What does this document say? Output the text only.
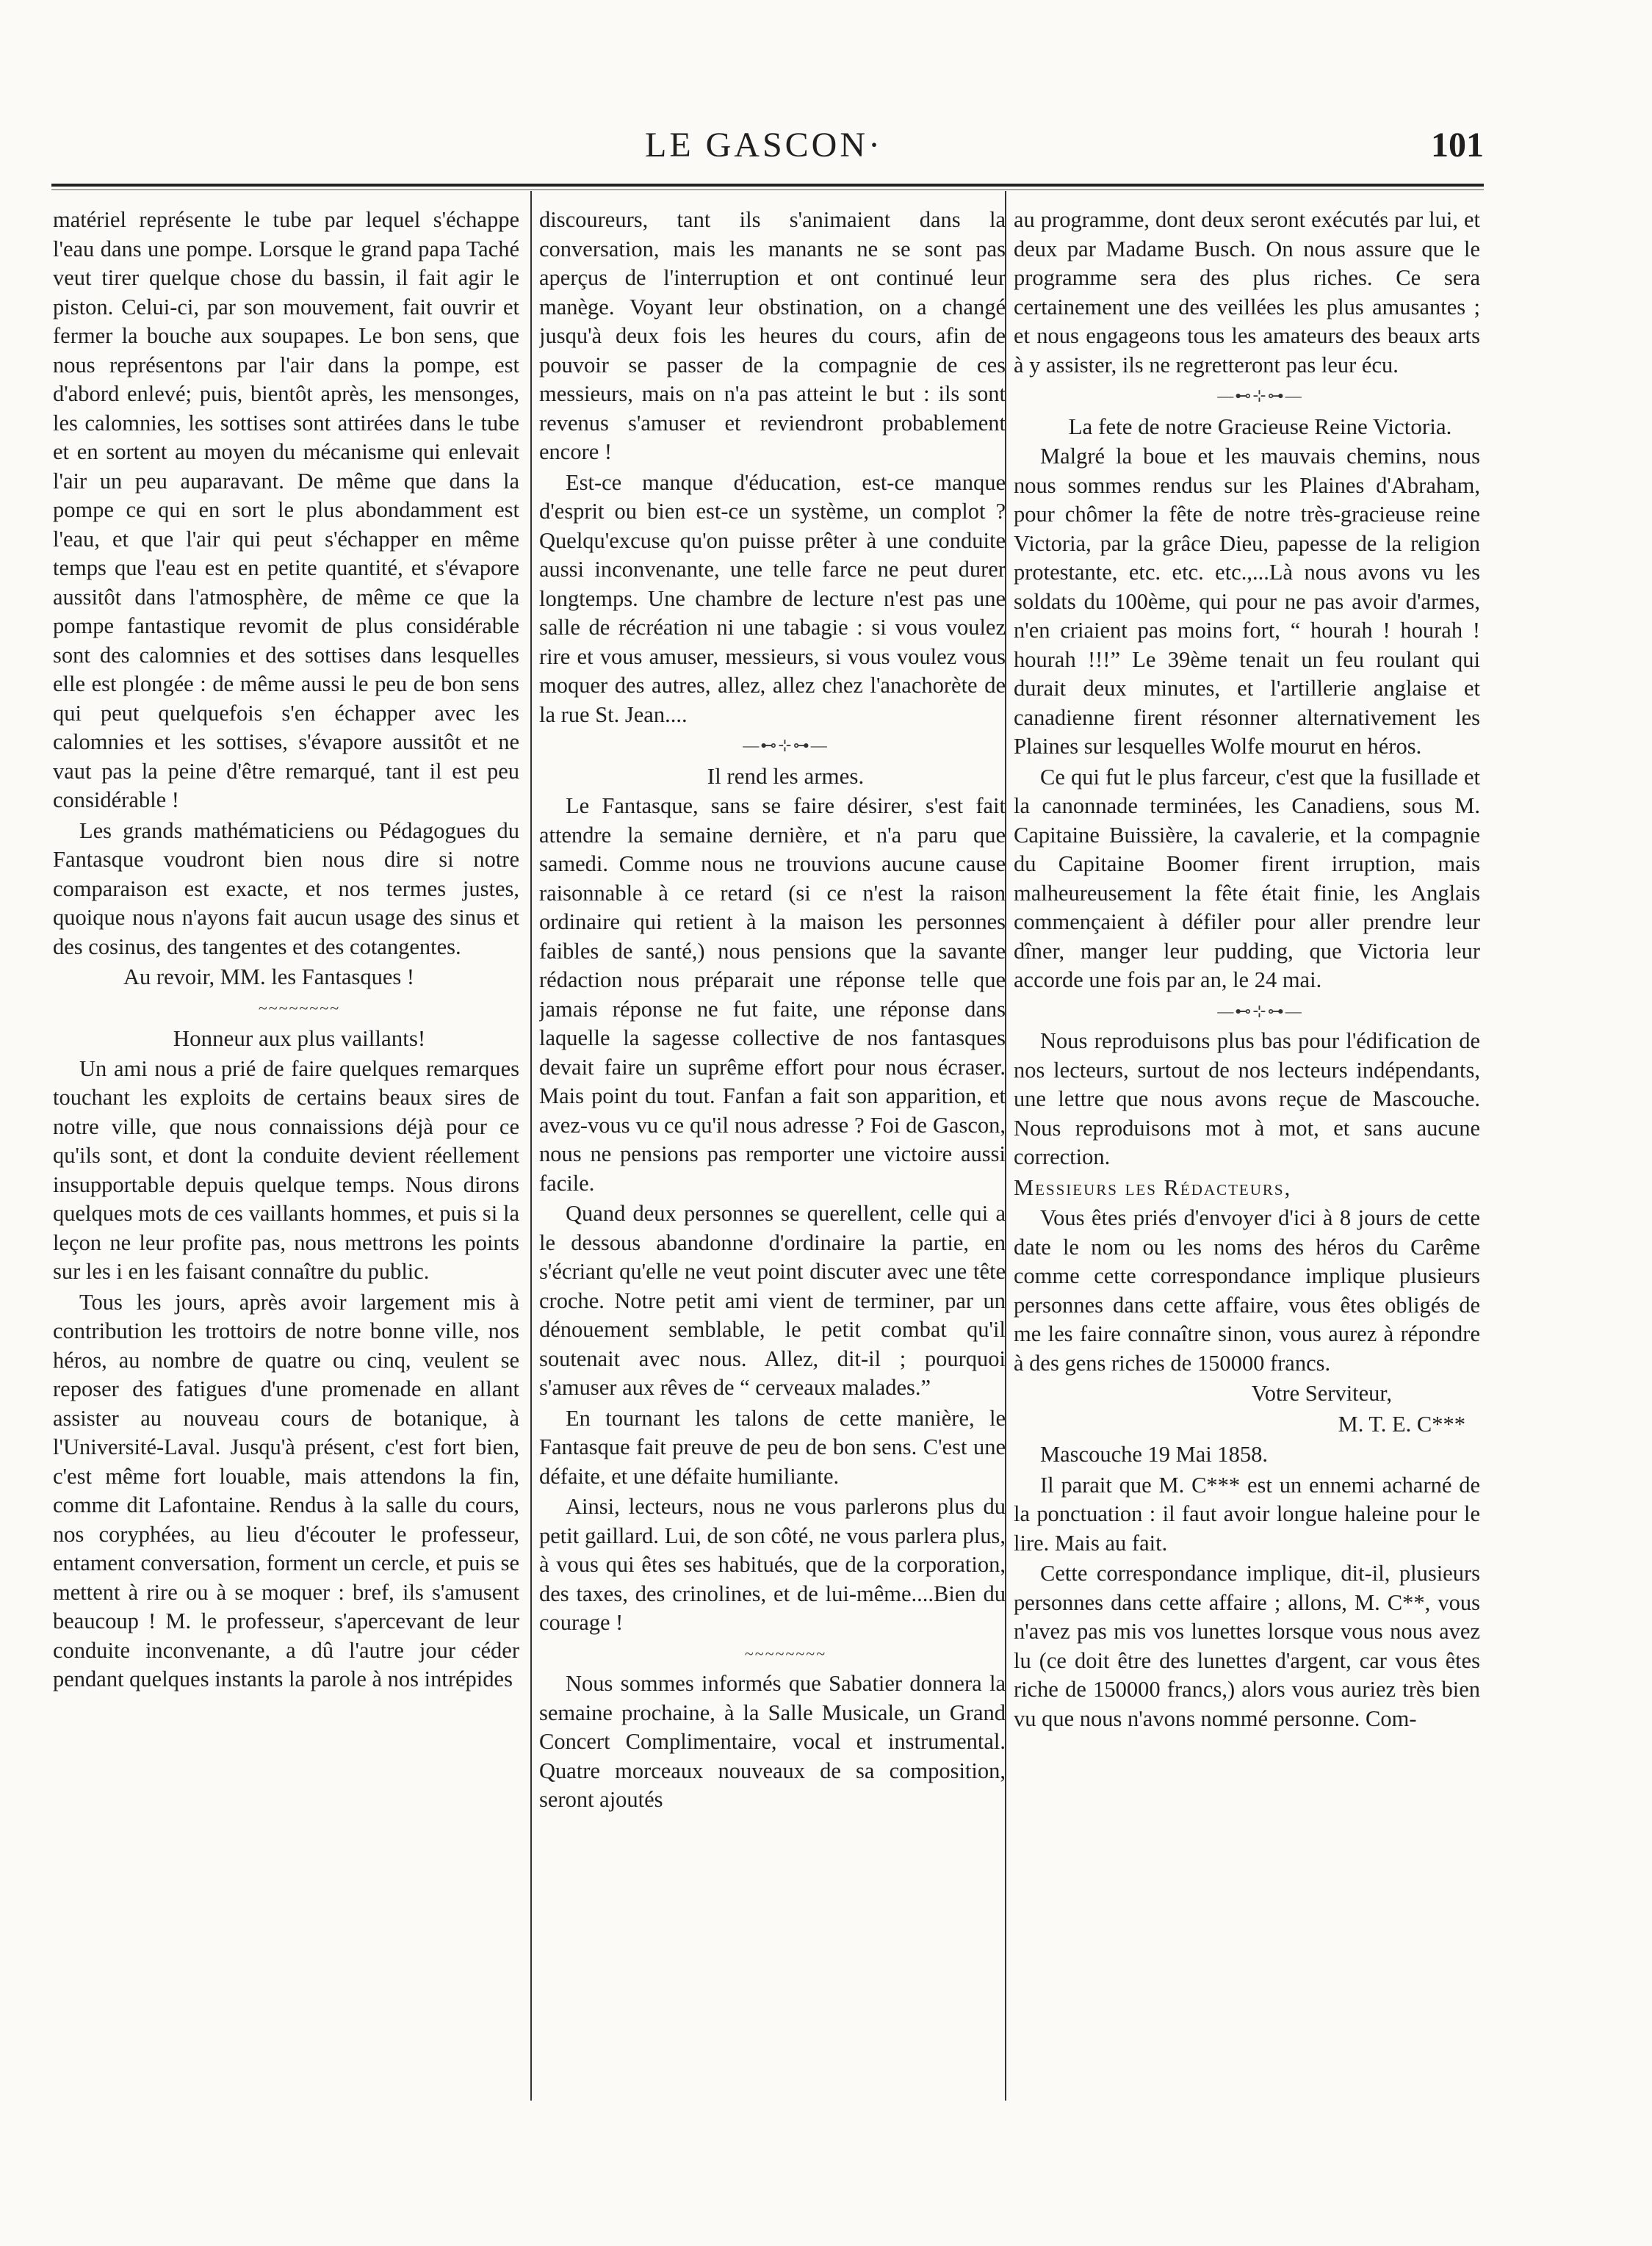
LE GASCON·	101

matériel représente le tube par lequel s'échappe l'eau dans une pompe. Lorsque le grand papa Taché veut tirer quelque chose du bassin, il fait agir le piston. Celui-ci, par son mouvement, fait ouvrir et fermer la bouche aux soupapes. Le bon sens, que nous représentons par l'air dans la pompe, est d'abord enlevé; puis, bientôt après, les mensonges, les calomnies, les sottises sont attirées dans le tube et en sortent au moyen du mécanisme qui enlevait l'air un peu auparavant. De même que dans la pompe ce qui en sort le plus abondamment est l'eau, et que l'air qui peut s'échapper en même temps que l'eau est en petite quantité, et s'évapore aussitôt dans l'atmosphère, de même ce que la pompe fantastique revomit de plus considérable sont des calomnies et des sottises dans lesquelles elle est plongée : de même aussi le peu de bon sens qui peut quelquefois s'en échapper avec les calomnies et les sottises, s'évapore aussitôt et ne vaut pas la peine d'être remarqué, tant il est peu considérable !

Les grands mathématiciens ou Pédagogues du Fantasque voudront bien nous dire si notre comparaison est exacte, et nos termes justes, quoique nous n'ayons fait aucun usage des sinus et des cosinus, des tangentes et des cotangentes.

Au revoir, MM. les Fantasques !

~~~~~~~~

Honneur aux plus vaillants!

Un ami nous a prié de faire quelques remarques touchant les exploits de certains beaux sires de notre ville, que nous connaissions déjà pour ce qu'ils sont, et dont la conduite devient réellement insupportable depuis quelque temps. Nous dirons quelques mots de ces vaillants hommes, et puis si la leçon ne leur profite pas, nous mettrons les points sur les i en les faisant connaître du public.

Tous les jours, après avoir largement mis à contribution les trottoirs de notre bonne ville, nos héros, au nombre de quatre ou cinq, veulent se reposer des fatigues d'une promenade en allant assister au nouveau cours de botanique, à l'Université-Laval. Jusqu'à présent, c'est fort bien, c'est même fort louable, mais attendons la fin, comme dit Lafontaine. Rendus à la salle du cours, nos coryphées, au lieu d'écouter le professeur, entament conversation, forment un cercle, et puis se mettent à rire ou à se moquer : bref, ils s'amusent beaucoup ! M. le professeur, s'apercevant de leur conduite inconvenante, a dû l'autre jour céder pendant quelques instants la parole à nos intrépides

discoureurs, tant ils s'animaient dans la conversation, mais les manants ne se sont pas aperçus de l'interruption et ont continué leur manège. Voyant leur obstination, on a changé jusqu'à deux fois les heures du cours, afin de pouvoir se passer de la compagnie de ces messieurs, mais on n'a pas atteint le but : ils sont revenus s'amuser et reviendront probablement encore !

Est-ce manque d'éducation, est-ce manque d'esprit ou bien est-ce un système, un complot ? Quelqu'excuse qu'on puisse prêter à une conduite aussi inconvenante, une telle farce ne peut durer longtemps. Une chambre de lecture n'est pas une salle de récréation ni une tabagie : si vous voulez rire et vous amuser, messieurs, si vous voulez vous moquer des autres, allez, allez chez l'anachorète de la rue St. Jean....

—⊷⊹⊶—

Il rend les armes.

Le Fantasque, sans se faire désirer, s'est fait attendre la semaine dernière, et n'a paru que samedi. Comme nous ne trouvions aucune cause raisonnable à ce retard (si ce n'est la raison ordinaire qui retient à la maison les personnes faibles de santé,) nous pensions que la savante rédaction nous préparait une réponse telle que jamais réponse ne fut faite, une réponse dans laquelle la sagesse collective de nos fantasques devait faire un suprême effort pour nous écraser. Mais point du tout. Fanfan a fait son apparition, et avez-vous vu ce qu'il nous adresse ? Foi de Gascon, nous ne pensions pas remporter une victoire aussi facile.

Quand deux personnes se querellent, celle qui a le dessous abandonne d'ordinaire la partie, en s'écriant qu'elle ne veut point discuter avec une tête croche. Notre petit ami vient de terminer, par un dénouement semblable, le petit combat qu'il soutenait avec nous. Allez, dit-il ; pourquoi s'amuser aux rêves de “ cerveaux malades.”

En tournant les talons de cette manière, le Fantasque fait preuve de peu de bon sens. C'est une défaite, et une défaite humiliante.

Ainsi, lecteurs, nous ne vous parlerons plus du petit gaillard. Lui, de son côté, ne vous parlera plus, à vous qui êtes ses habitués, que de la corporation, des taxes, des crinolines, et de lui-même....Bien du courage !

~~~~~~~~

Nous sommes informés que Sabatier donnera la semaine prochaine, à la Salle Musicale, un Grand Concert Complimentaire, vocal et instrumental. Quatre morceaux nouveaux de sa composition, seront ajoutés

au programme, dont deux seront exécutés par lui, et deux par Madame Busch. On nous assure que le programme sera des plus riches. Ce sera certainement une des veillées les plus amusantes ; et nous engageons tous les amateurs des beaux arts à y assister, ils ne regretteront pas leur écu.

—⊷⊹⊶—

La fete de notre Gracieuse Reine Victoria.

Malgré la boue et les mauvais chemins, nous nous sommes rendus sur les Plaines d'Abraham, pour chômer la fête de notre très-gracieuse reine Victoria, par la grâce Dieu, papesse de la religion protestante, etc. etc. etc.,...Là nous avons vu les soldats du 100ème, qui pour ne pas avoir d'armes, n'en criaient pas moins fort, “ hourah ! hourah ! hourah !!!” Le 39ème tenait un feu roulant qui durait deux minutes, et l'artillerie anglaise et canadienne firent résonner alternativement les Plaines sur lesquelles Wolfe mourut en héros.

Ce qui fut le plus farceur, c'est que la fusillade et la canonnade terminées, les Canadiens, sous M. Capitaine Buissière, la cavalerie, et la compagnie du Capitaine Boomer firent irruption, mais malheureusement la fête était finie, les Anglais commençaient à défiler pour aller prendre leur dîner, manger leur pudding, que Victoria leur accorde une fois par an, le 24 mai.

—⊷⊹⊶—

Nous reproduisons plus bas pour l'édification de nos lecteurs, surtout de nos lecteurs indépendants, une lettre que nous avons reçue de Mascouche. Nous reproduisons mot à mot, et sans aucune correction.

Messieurs les Rédacteurs,

Vous êtes priés d'envoyer d'ici à 8 jours de cette date le nom ou les noms des héros du Carême comme cette correspondance implique plusieurs personnes dans cette affaire, vous êtes obligés de me les faire connaître sinon, vous aurez à répondre à des gens riches de 150000 francs.

Votre Serviteur,

M. T. E. C***

Mascouche 19 Mai 1858.

Il parait que M. C*** est un ennemi acharné de la ponctuation : il faut avoir longue haleine pour le lire. Mais au fait.

Cette correspondance implique, dit-il, plusieurs personnes dans cette affaire ; allons, M. C**, vous n'avez pas mis vos lunettes lorsque vous nous avez lu (ce doit être des lunettes d'argent, car vous êtes riche de 150000 francs,) alors vous auriez très bien vu que nous n'avons nommé personne. Com-
